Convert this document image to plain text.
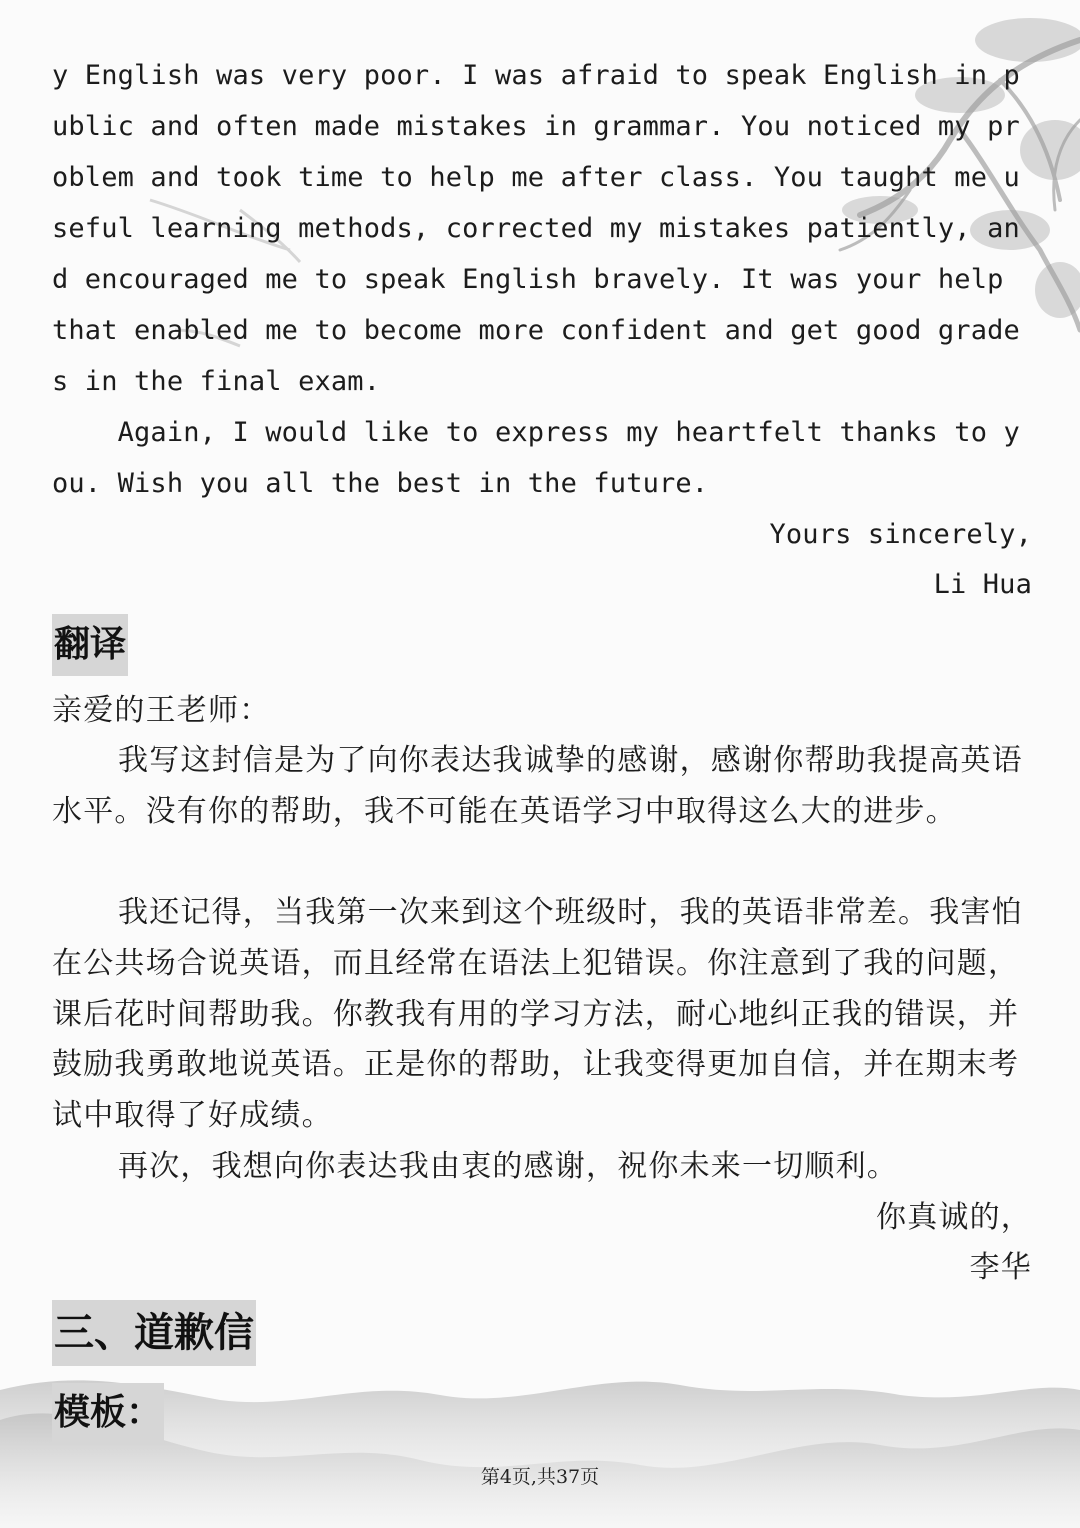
y English was very poor. I was afraid to speak English in p
ublic and often made mistakes in grammar. You noticed my pr
oblem and took time to help me after class. You taught me u
seful learning methods, corrected my mistakes patiently, an
d encouraged me to speak English bravely. It was your help
that enabled me to become more confident and get good grade
s in the final exam.
Again, I would like to express my heartfelt thanks to y
ou. Wish you all the best in the future.
Yours sincerely,
Li Hua
翻译
亲爱的王老师：
我写这封信是为了向你表达我诚挚的感谢，感谢你帮助我提高英语水平。没有你的帮助，我不可能在英语学习中取得这么大的进步。
我还记得，当我第一次来到这个班级时，我的英语非常差。我害怕在公共场合说英语，而且经常在语法上犯错误。你注意到了我的问题，课后花时间帮助我。你教我有用的学习方法，耐心地纠正我的错误，并鼓励我勇敢地说英语。正是你的帮助，让我变得更加自信，并在期末考试中取得了好成绩。
再次，我想向你表达我由衷的感谢，祝你未来一切顺利。
你真诚的，
李华
三、道歉信
模板：
第4页,共37页
